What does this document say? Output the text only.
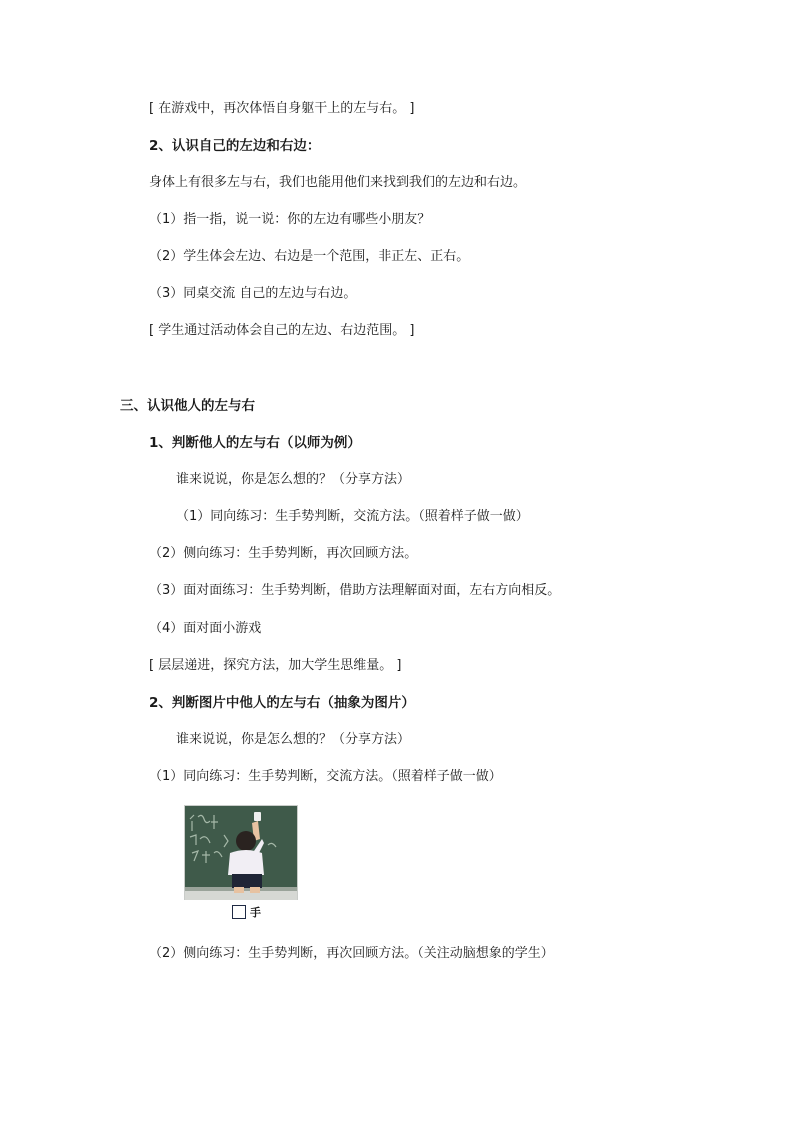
[ 在游戏中，再次体悟自身躯干上的左与右。 ]
2、认识自己的左边和右边：
身体上有很多左与右，我们也能用他们来找到我们的左边和右边。
（1）指一指，说一说：你的左边有哪些小朋友？
（2）学生体会左边、右边是一个范围，非正左、正右。
（3）同桌交流 自己的左边与右边。
[ 学生通过活动体会自己的左边、右边范围。 ]
三、认识他人的左与右
1、判断他人的左与右（以师为例）
谁来说说，你是怎么想的？（分享方法）
（1）同向练习：生手势判断，交流方法。（照着样子做一做）
（2）侧向练习：生手势判断，再次回顾方法。
（3）面对面练习：生手势判断，借助方法理解面对面，左右方向相反。
（4）面对面小游戏
[ 层层递进，探究方法，加大学生思维量。 ]
2、判断图片中他人的左与右（抽象为图片）
谁来说说，你是怎么想的？（分享方法）
（1）同向练习：生手势判断，交流方法。（照着样子做一做）
手
（2）侧向练习：生手势判断，再次回顾方法。（关注动脑想象的学生）
